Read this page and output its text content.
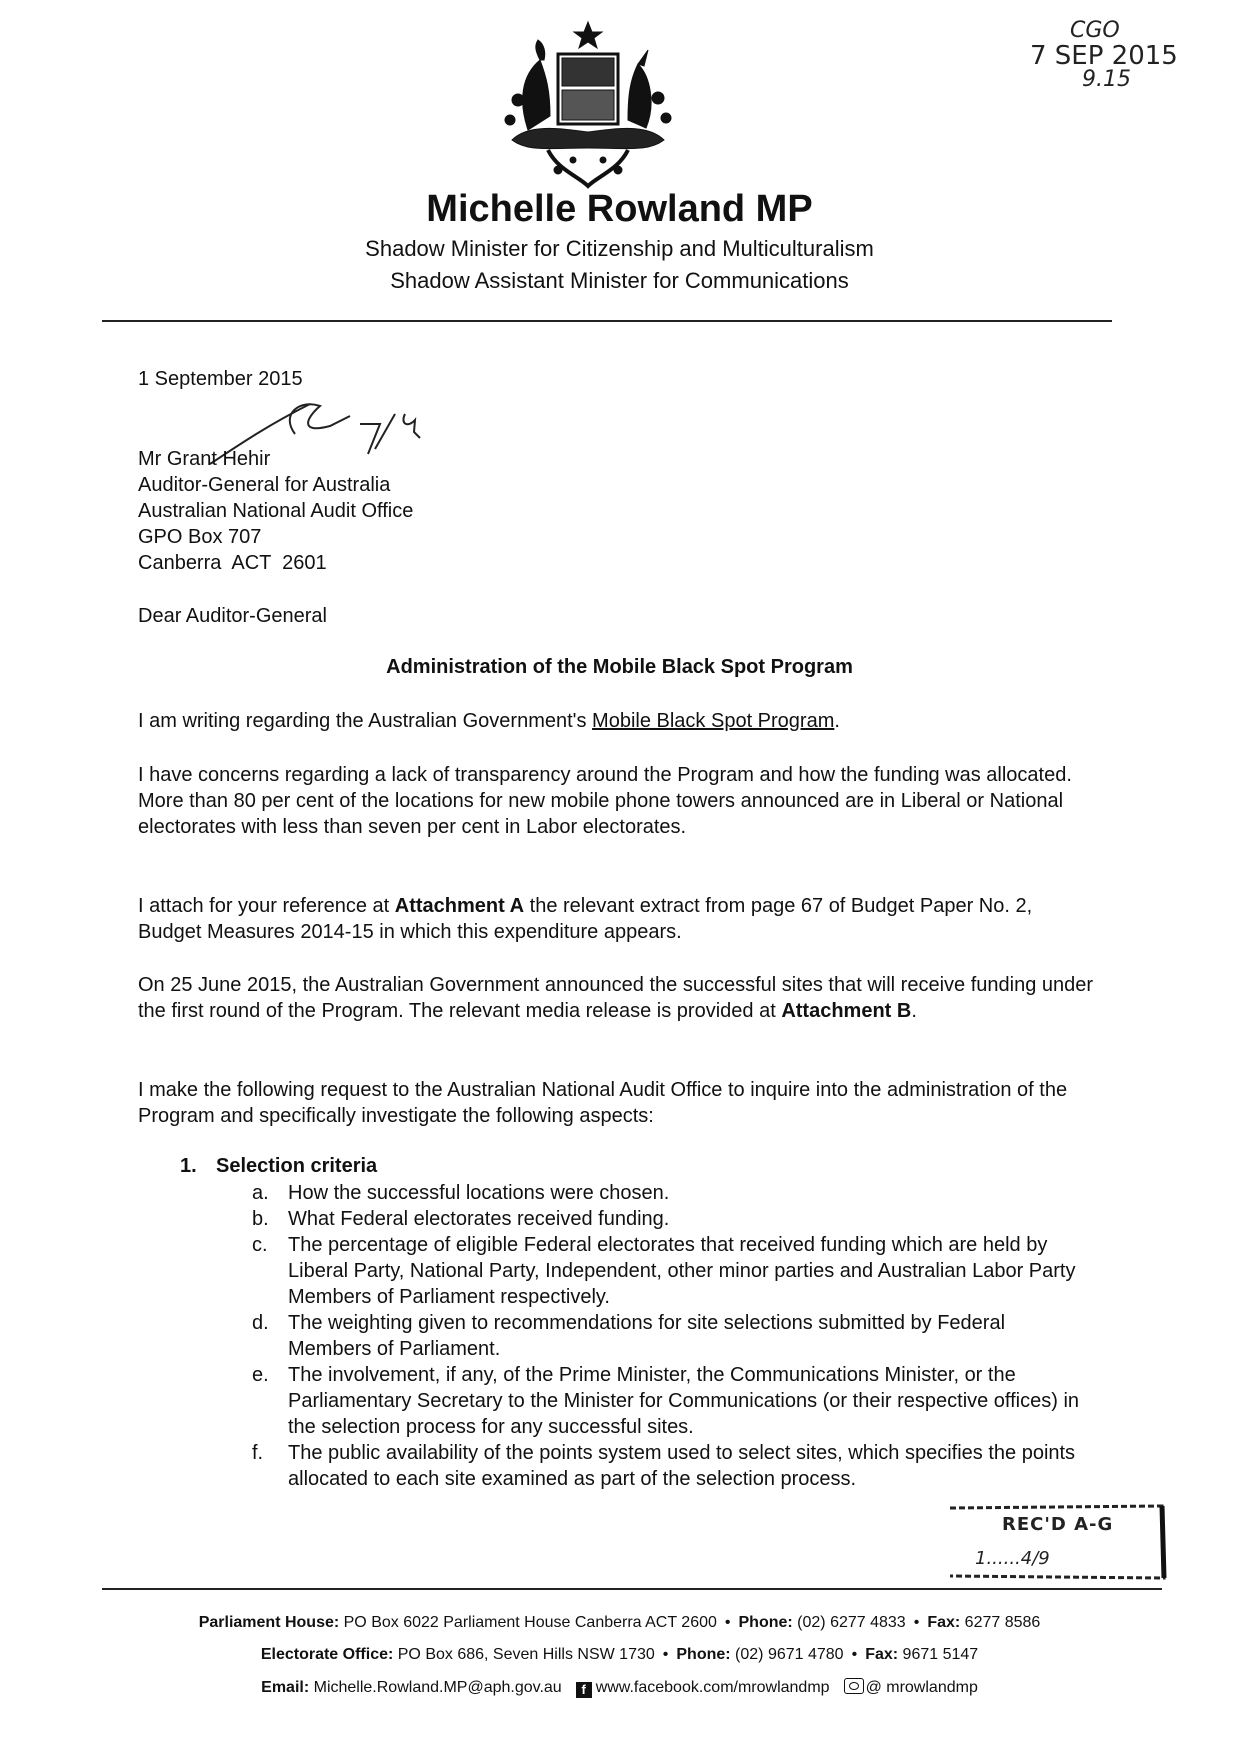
CGO
7 SEP 2015
9.15
Michelle Rowland MP

Shadow Minister for Citizenship and Multiculturalism

Shadow Assistant Minister for Communications

1 September 2015

Mr Grant Hehir
Auditor-General for Australia
Australian National Audit Office
GPO Box 707
Canberra  ACT  2601

Dear Auditor-General

Administration of the Mobile Black Spot Program

I am writing regarding the Australian Government's Mobile Black Spot Program.

I have concerns regarding a lack of transparency around the Program and how the funding was allocated. More than 80 per cent of the locations for new mobile phone towers announced are in Liberal or National electorates with less than seven per cent in Labor electorates.

I attach for your reference at Attachment A the relevant extract from page 67 of Budget Paper No. 2, Budget Measures 2014-15 in which this expenditure appears.

On 25 June 2015, the Australian Government announced the successful sites that will receive funding under the first round of the Program. The relevant media release is provided at Attachment B.

I make the following request to the Australian National Audit Office to inquire into the administration of the Program and specifically investigate the following aspects:

1. Selection criteria

a. How the successful locations were chosen.
b. What Federal electorates received funding.
c. The percentage of eligible Federal electorates that received funding which are held by Liberal Party, National Party, Independent, other minor parties and Australian Labor Party Members of Parliament respectively.
d. The weighting given to recommendations for site selections submitted by Federal Members of Parliament.
e. The involvement, if any, of the Prime Minister, the Communications Minister, or the Parliamentary Secretary to the Minister for Communications (or their respective offices) in the selection process for any successful sites.
f. The public availability of the points system used to select sites, which specifies the points allocated to each site examined as part of the selection process.
REC'D A-G
1......4/9

Parliament House: PO Box 6022 Parliament House Canberra ACT 2600 • Phone: (02) 6277 4833 • Fax: 6277 8586

Electorate Office: PO Box 686, Seven Hills NSW 1730 • Phone: (02) 9671 4780 • Fax: 9671 5147

Email: Michelle.Rowland.MP@aph.gov.au f www.facebook.com/mrowlandmp @ mrowlandmp
